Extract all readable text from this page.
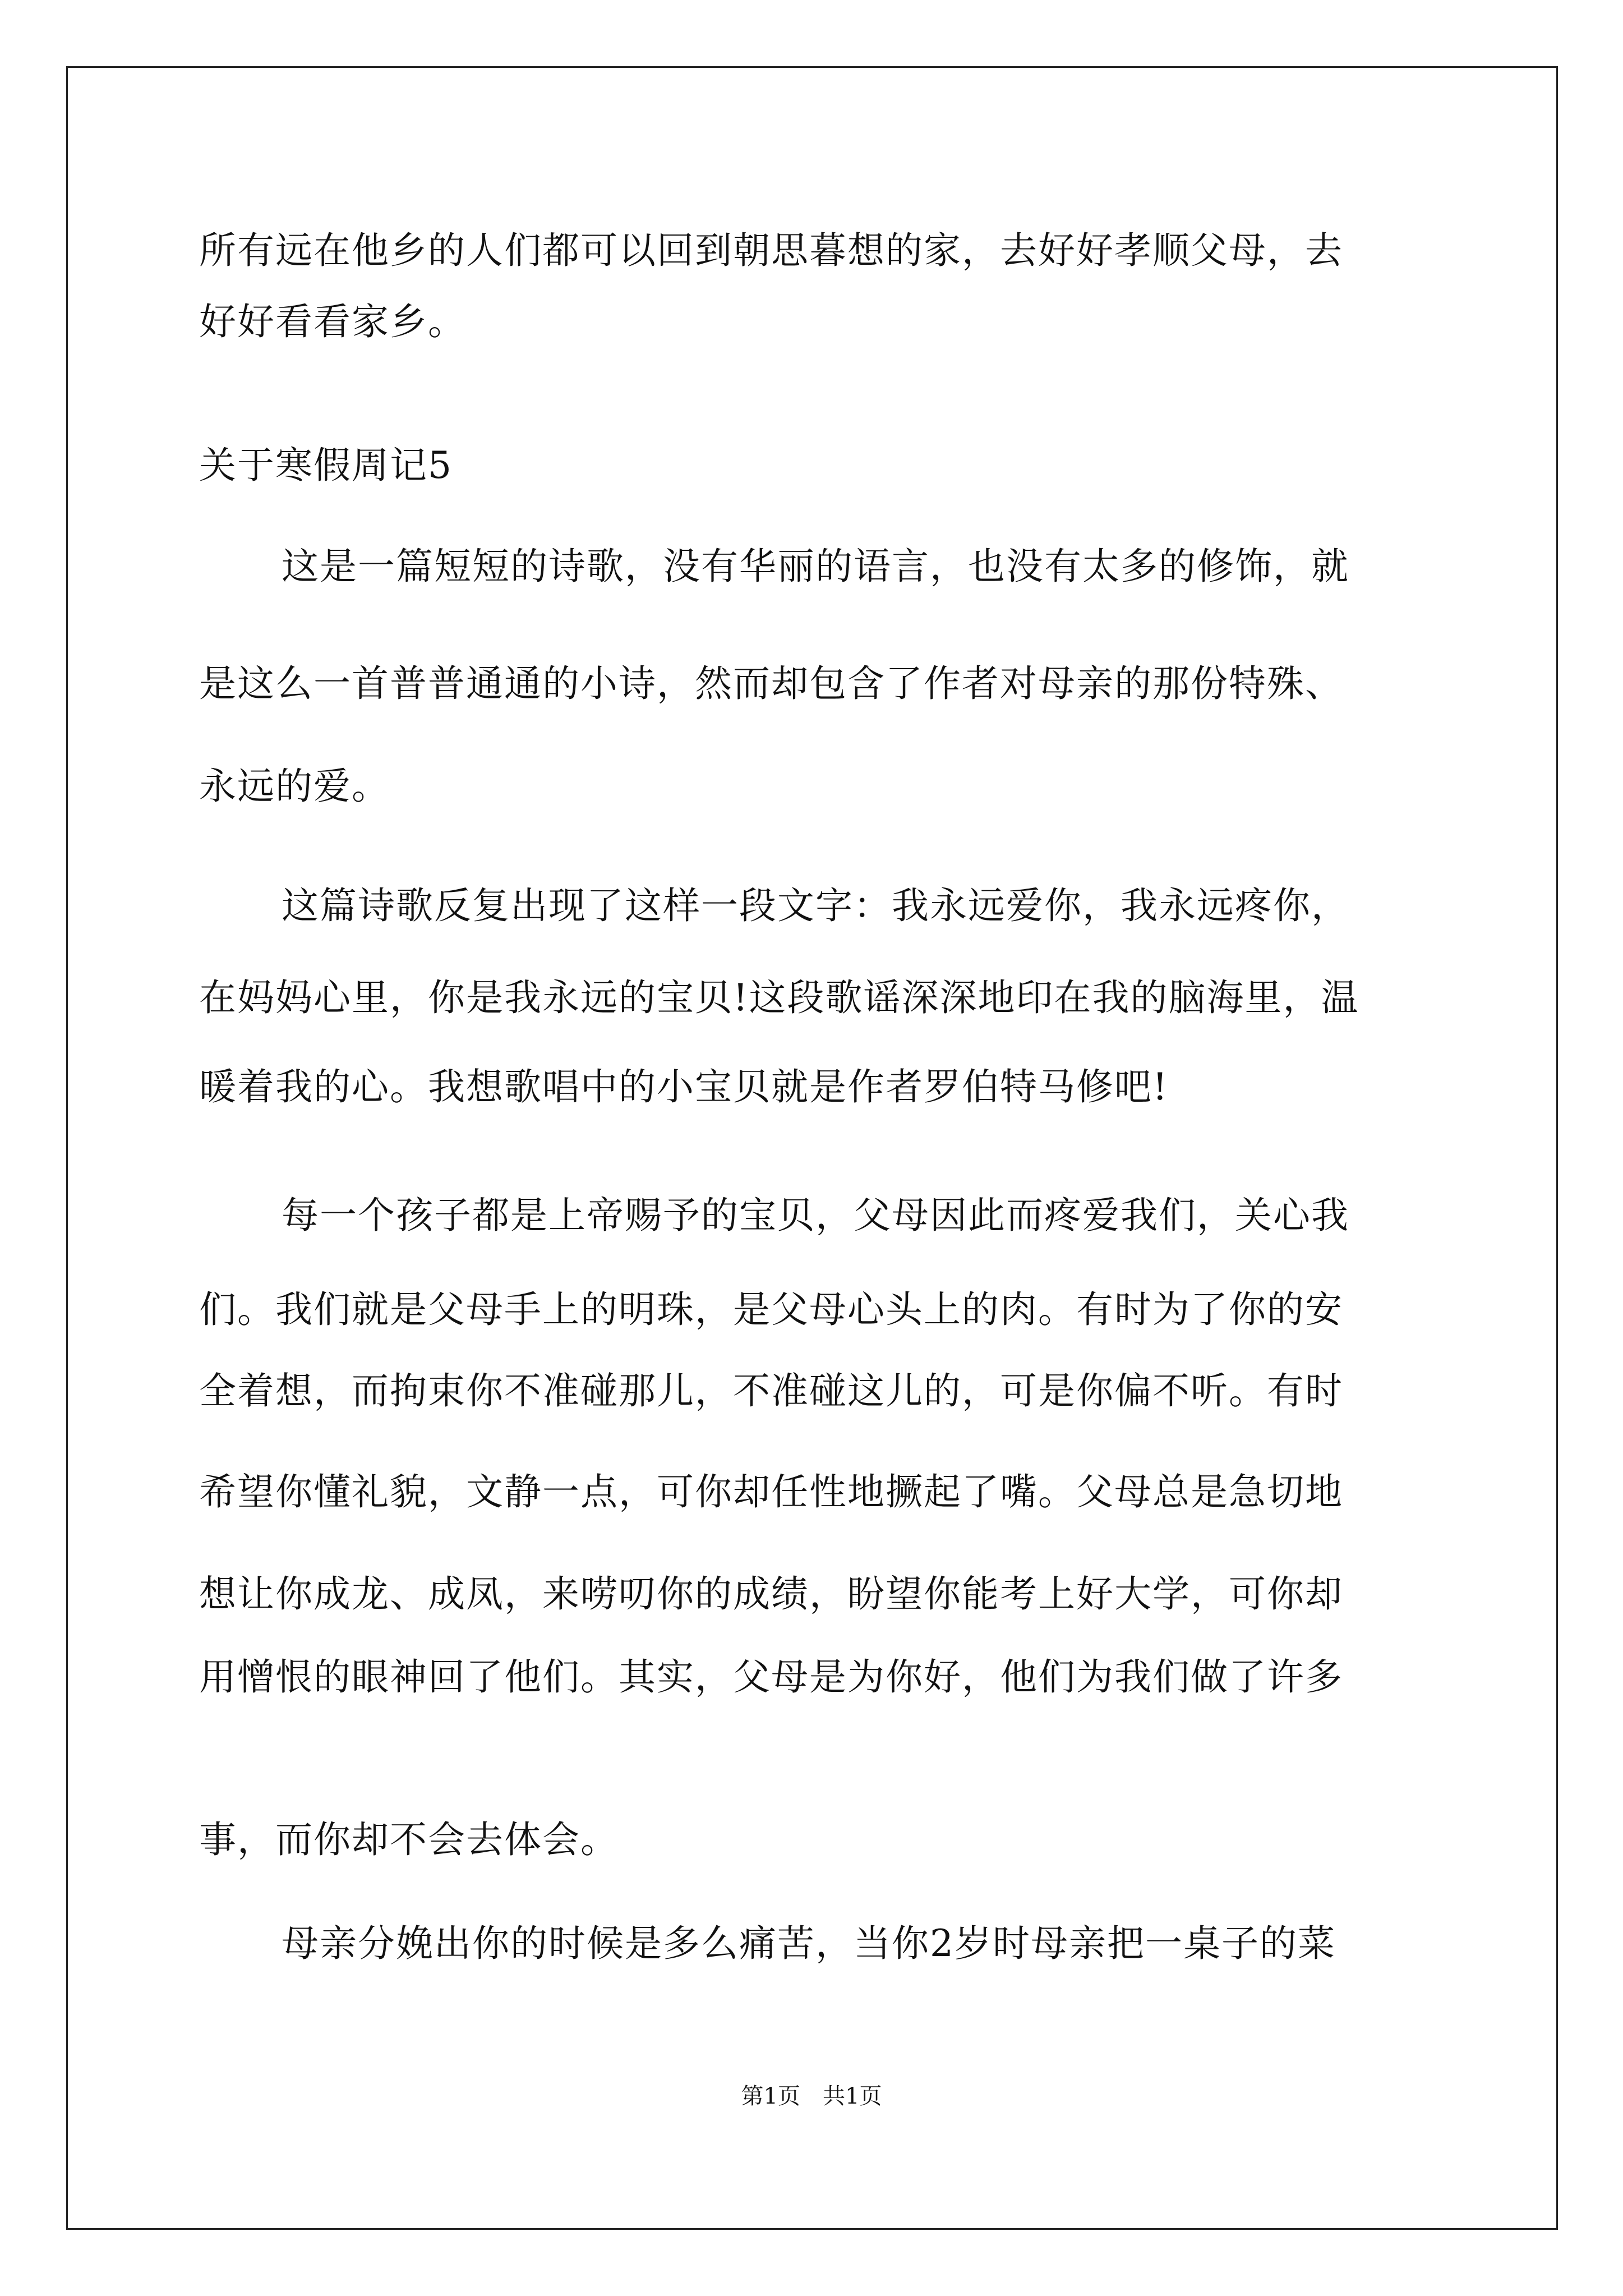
所有远在他乡的人们都可以回到朝思暮想的家，去好好孝顺父母，去
好好看看家乡。
关于寒假周记5
这是一篇短短的诗歌，没有华丽的语言，也没有太多的修饰，就
是这么一首普普通通的小诗，然而却包含了作者对母亲的那份特殊、
永远的爱。
这篇诗歌反复出现了这样一段文字：我永远爱你，我永远疼你，
在妈妈心里，你是我永远的宝贝!这段歌谣深深地印在我的脑海里，温
暖着我的心。我想歌唱中的小宝贝就是作者罗伯特马修吧!
每一个孩子都是上帝赐予的宝贝，父母因此而疼爱我们，关心我
们。我们就是父母手上的明珠，是父母心头上的肉。有时为了你的安
全着想，而拘束你不准碰那儿，不准碰这儿的，可是你偏不听。有时
希望你懂礼貌，文静一点，可你却任性地撅起了嘴。父母总是急切地
想让你成龙、成凤，来唠叨你的成绩，盼望你能考上好大学，可你却
用憎恨的眼神回了他们。其实，父母是为你好，他们为我们做了许多
事，而你却不会去体会。
母亲分娩出你的时候是多么痛苦，当你2岁时母亲把一桌子的菜
第1页　共1页
